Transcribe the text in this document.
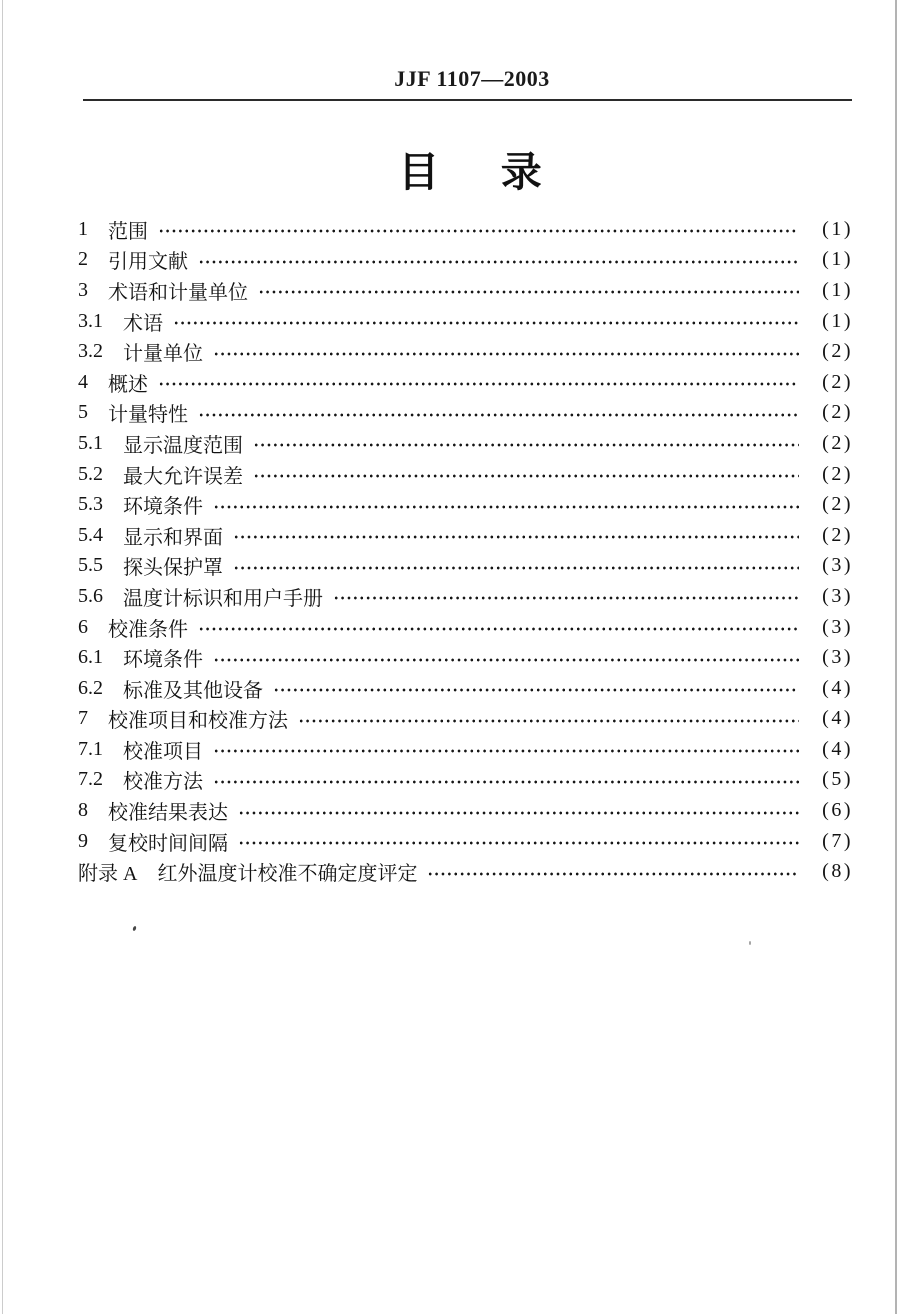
JJF 1107—2003
目 录
1 范围	(1)
2 引用文献	(1)
3 术语和计量单位	(1)
3.1 术语	(1)
3.2 计量单位	(2)
4 概述	(2)
5 计量特性	(2)
5.1 显示温度范围	(2)
5.2 最大允许误差	(2)
5.3 环境条件	(2)
5.4 显示和界面	(2)
5.5 探头保护罩	(3)
5.6 温度计标识和用户手册	(3)
6 校准条件	(3)
6.1 环境条件	(3)
6.2 标准及其他设备	(4)
7 校准项目和校准方法	(4)
7.1 校准项目	(4)
7.2 校准方法	(5)
8 校准结果表达	(6)
9 复校时间间隔	(7)
附录 A 红外温度计校准不确定度评定	(8)
